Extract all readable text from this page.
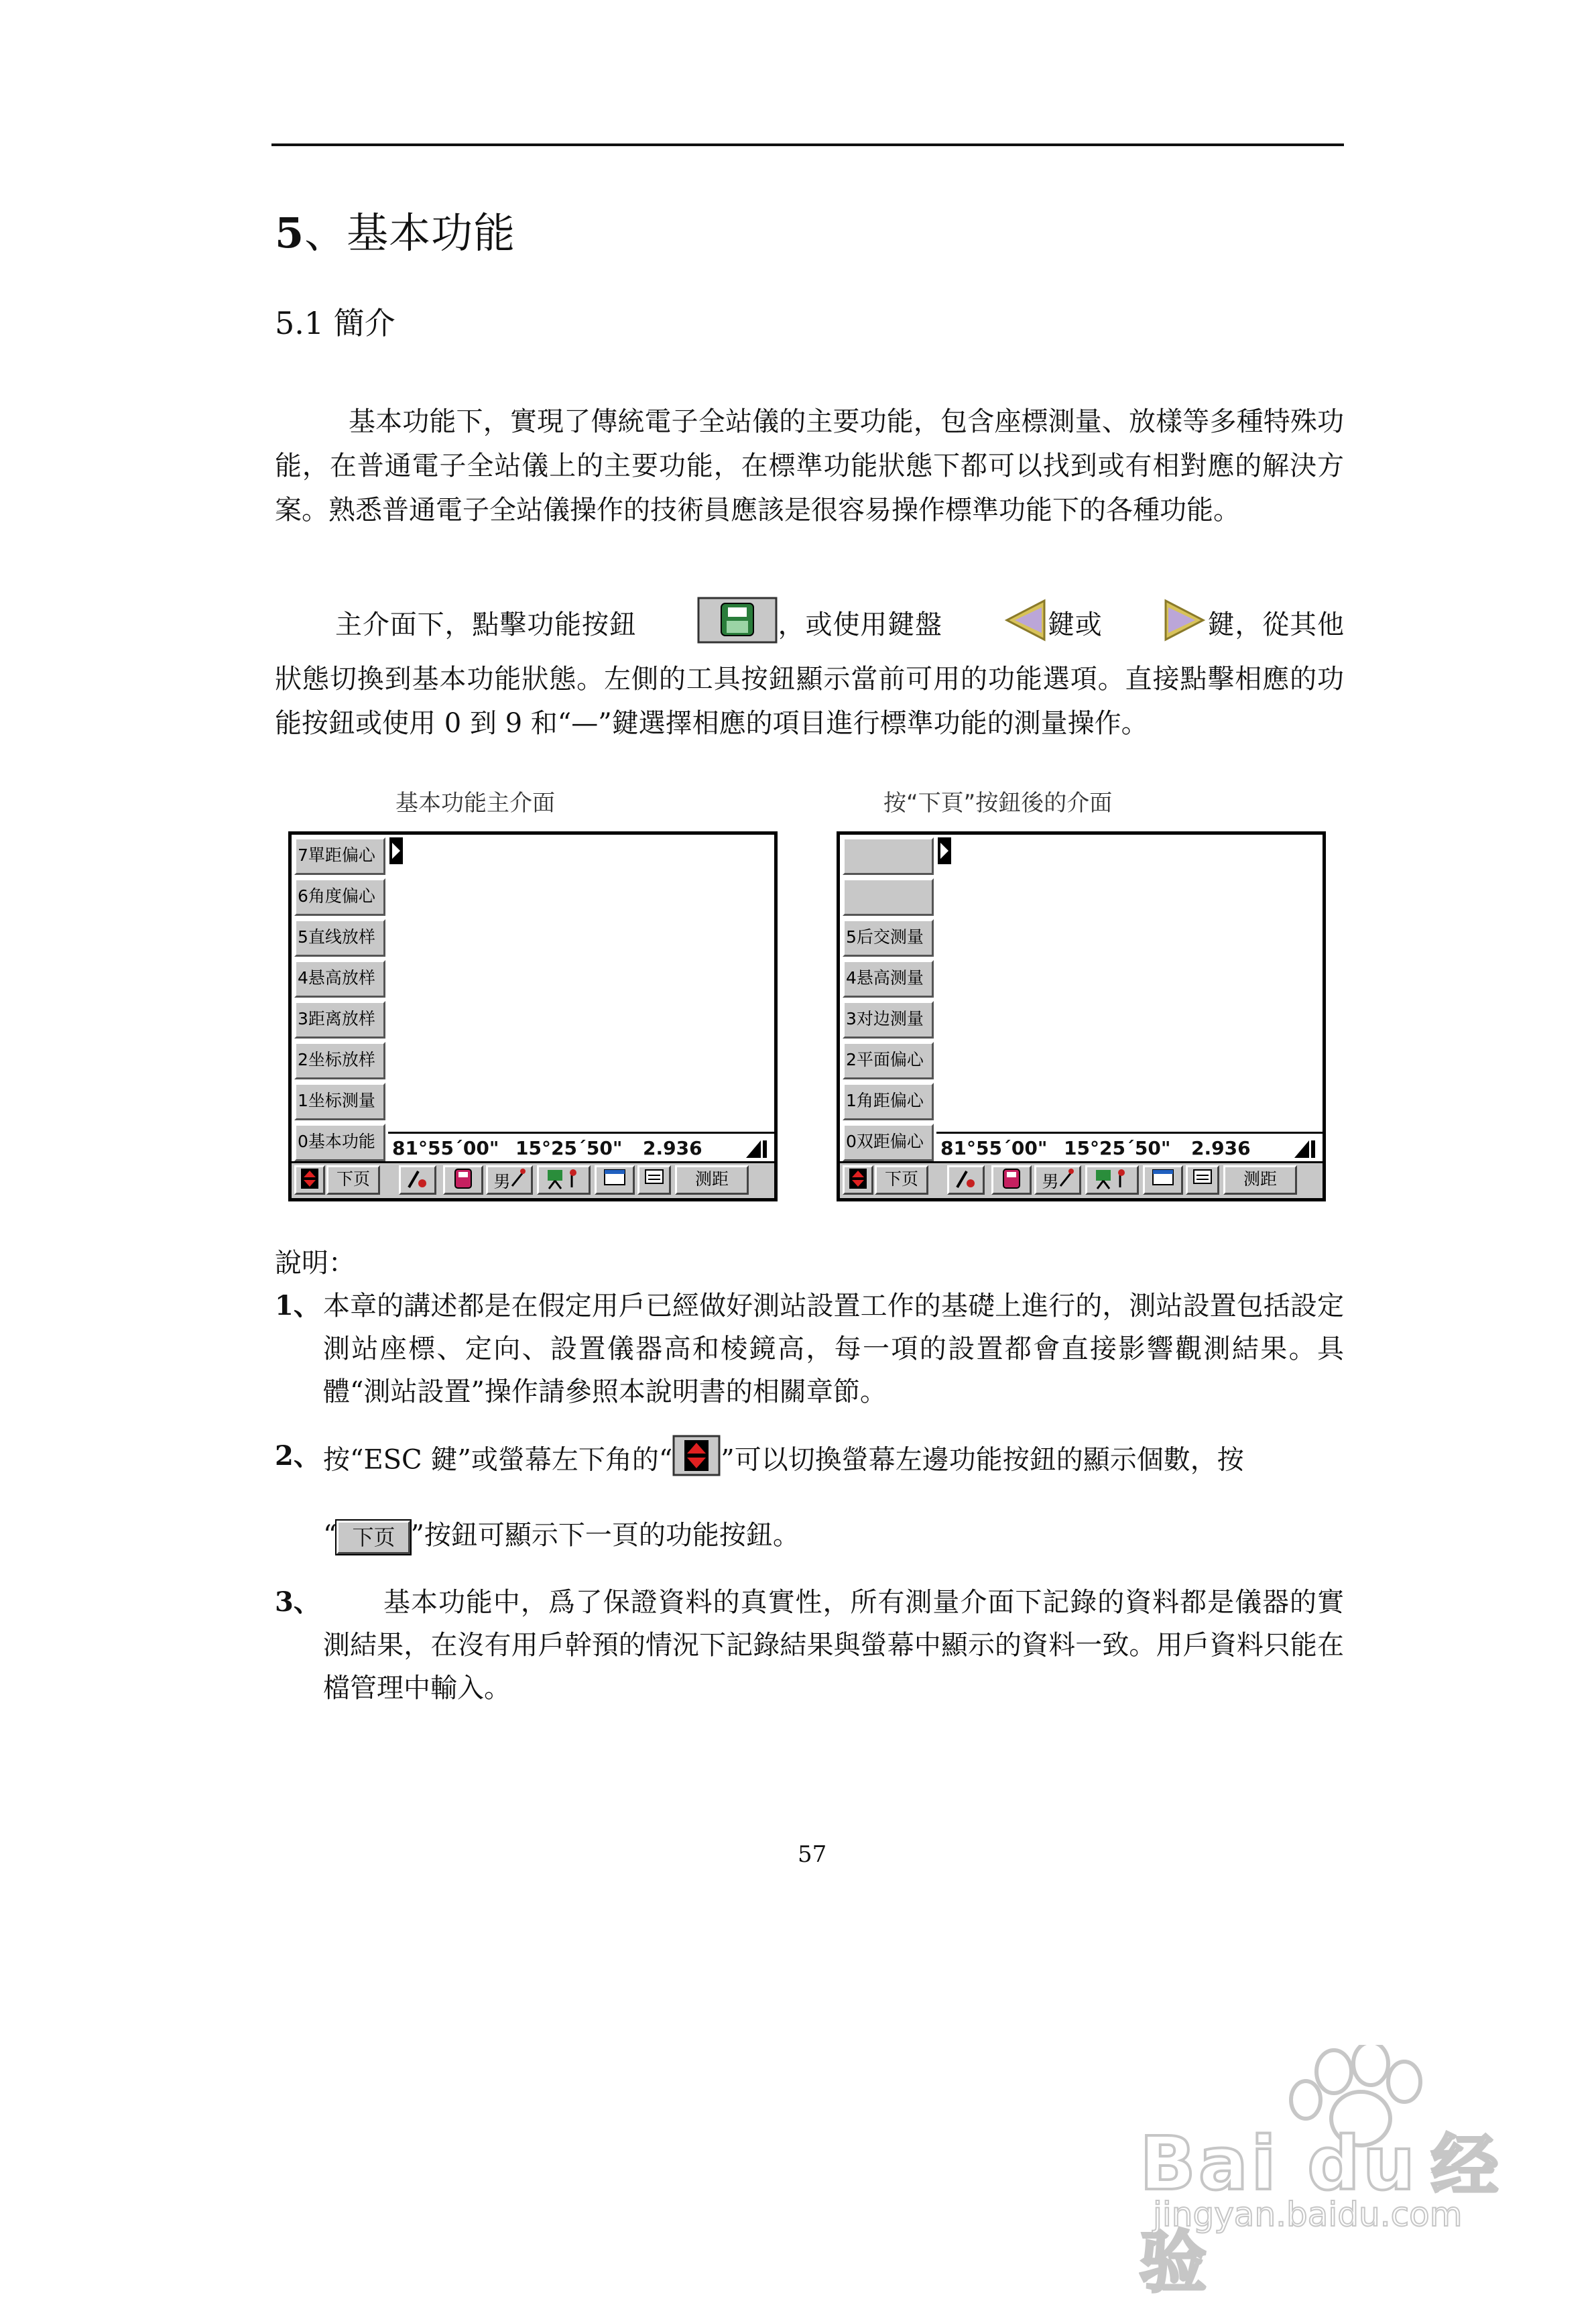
5、基本功能
5.1 簡介
基本功能下，實現了傳統電子全站儀的主要功能，包含座標測量、放樣等多種特殊功能，在普通電子全站儀上的主要功能，在標準功能狀態下都可以找到或有相對應的解決方案。熟悉普通電子全站儀操作的技術員應該是很容易操作標準功能下的各種功能。
主介面下，點擊功能按鈕	，或使用鍵盤	鍵或	鍵，從其他狀態切換到基本功能狀態。左側的工具按鈕顯示當前可用的功能選項。直接點擊相應的功能按鈕或使用 0 到 9 和“—”鍵選擇相應的項目進行標準功能的測量操作。
基本功能主介面	按“下頁”按鈕後的介面
7單距偏心
6角度偏心
5直线放样
4悬高放样
3距离放样
2坐标放样
1坐标测量
0基本功能 81°55´00" 15°25´50" 2.936
下页	男	测距
5后交测量
4悬高测量
3对边测量
2平面偏心
1角距偏心
0双距偏心 81°55´00" 15°25´50" 2.936
下页	男	测距
說明：
1、 本章的講述都是在假定用戶已經做好測站設置工作的基礎上進行的，測站設置包括設定測站座標、定向、設置儀器高和棱鏡高，每一項的設置都會直接影響觀測結果。具體“測站設置”操作請參照本說明書的相關章節。
2、 按“ESC 鍵”或螢幕左下角的“ ”可以切換螢幕左邊功能按鈕的顯示個數，按
“ 下页 ”按鈕可顯示下一頁的功能按鈕。
3、	基本功能中，爲了保證資料的真實性，所有測量介面下記錄的資料都是儀器的實測結果，在沒有用戶幹預的情況下記錄結果與螢幕中顯示的資料一致。用戶資料只能在檔管理中輸入。
57
Bai du 经验
jingyan.baidu.com
